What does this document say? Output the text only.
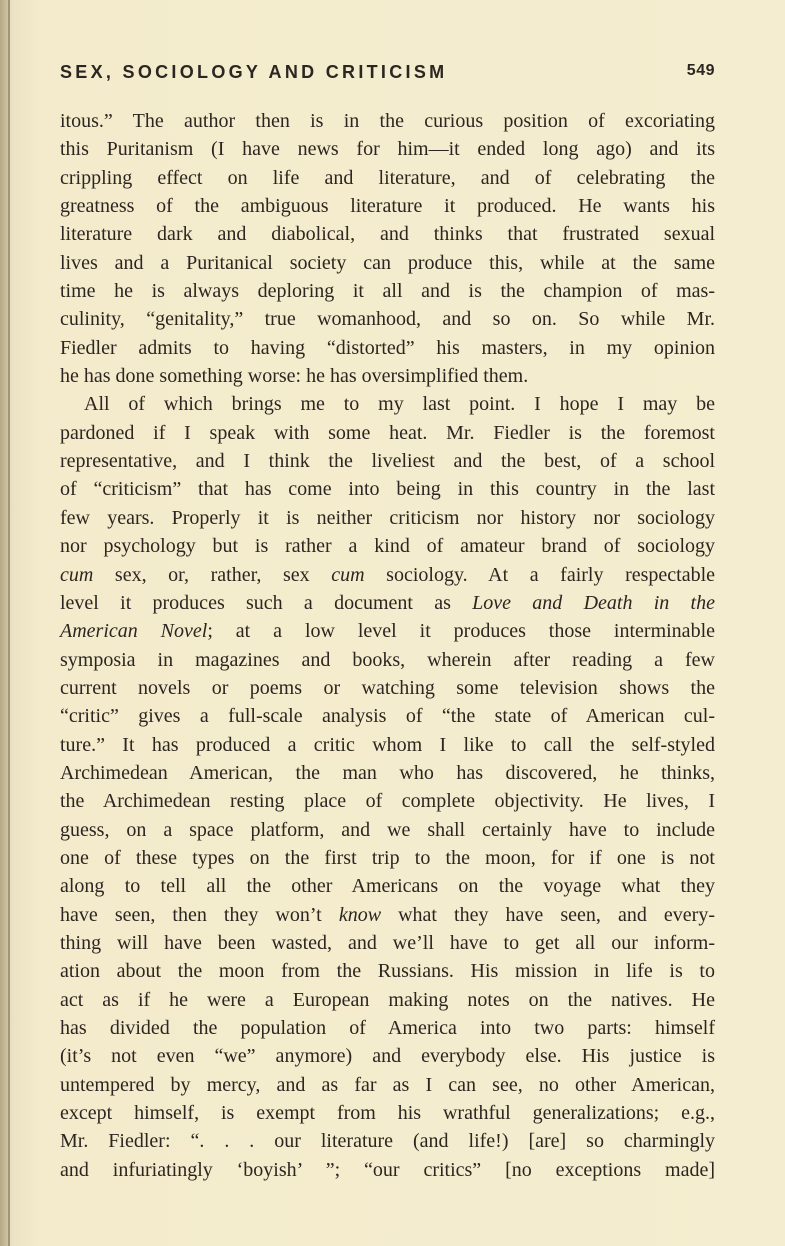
SEX, SOCIOLOGY AND CRITICISM	549
itous.” The author then is in the curious position of excoriating
this Puritanism (I have news for him—it ended long ago) and its
crippling effect on life and literature, and of celebrating the
greatness of the ambiguous literature it produced. He wants his
literature dark and diabolical, and thinks that frustrated sexual
lives and a Puritanical society can produce this, while at the same
time he is always deploring it all and is the champion of mas-
culinity, “genitality,” true womanhood, and so on. So while Mr.
Fiedler admits to having “distorted” his masters, in my opinion
he has done something worse: he has oversimplified them.
All of which brings me to my last point. I hope I may be
pardoned if I speak with some heat. Mr. Fiedler is the foremost
representative, and I think the liveliest and the best, of a school
of “criticism” that has come into being in this country in the last
few years. Properly it is neither criticism nor history nor sociology
nor psychology but is rather a kind of amateur brand of sociology
cum sex, or, rather, sex cum sociology. At a fairly respectable
level it produces such a document as Love and Death in the
American Novel; at a low level it produces those interminable
symposia in magazines and books, wherein after reading a few
current novels or poems or watching some television shows the
“critic” gives a full-scale analysis of “the state of American cul-
ture.” It has produced a critic whom I like to call the self-styled
Archimedean American, the man who has discovered, he thinks,
the Archimedean resting place of complete objectivity. He lives, I
guess, on a space platform, and we shall certainly have to include
one of these types on the first trip to the moon, for if one is not
along to tell all the other Americans on the voyage what they
have seen, then they won’t know what they have seen, and every-
thing will have been wasted, and we’ll have to get all our inform-
ation about the moon from the Russians. His mission in life is to
act as if he were a European making notes on the natives. He
has divided the population of America into two parts: himself
(it’s not even “we” anymore) and everybody else. His justice is
untempered by mercy, and as far as I can see, no other American,
except himself, is exempt from his wrathful generalizations; e.g.,
Mr. Fiedler: “. . . our literature (and life!) [are] so charmingly
and infuriatingly ‘boyish’ ”; “our critics” [no exceptions made]
